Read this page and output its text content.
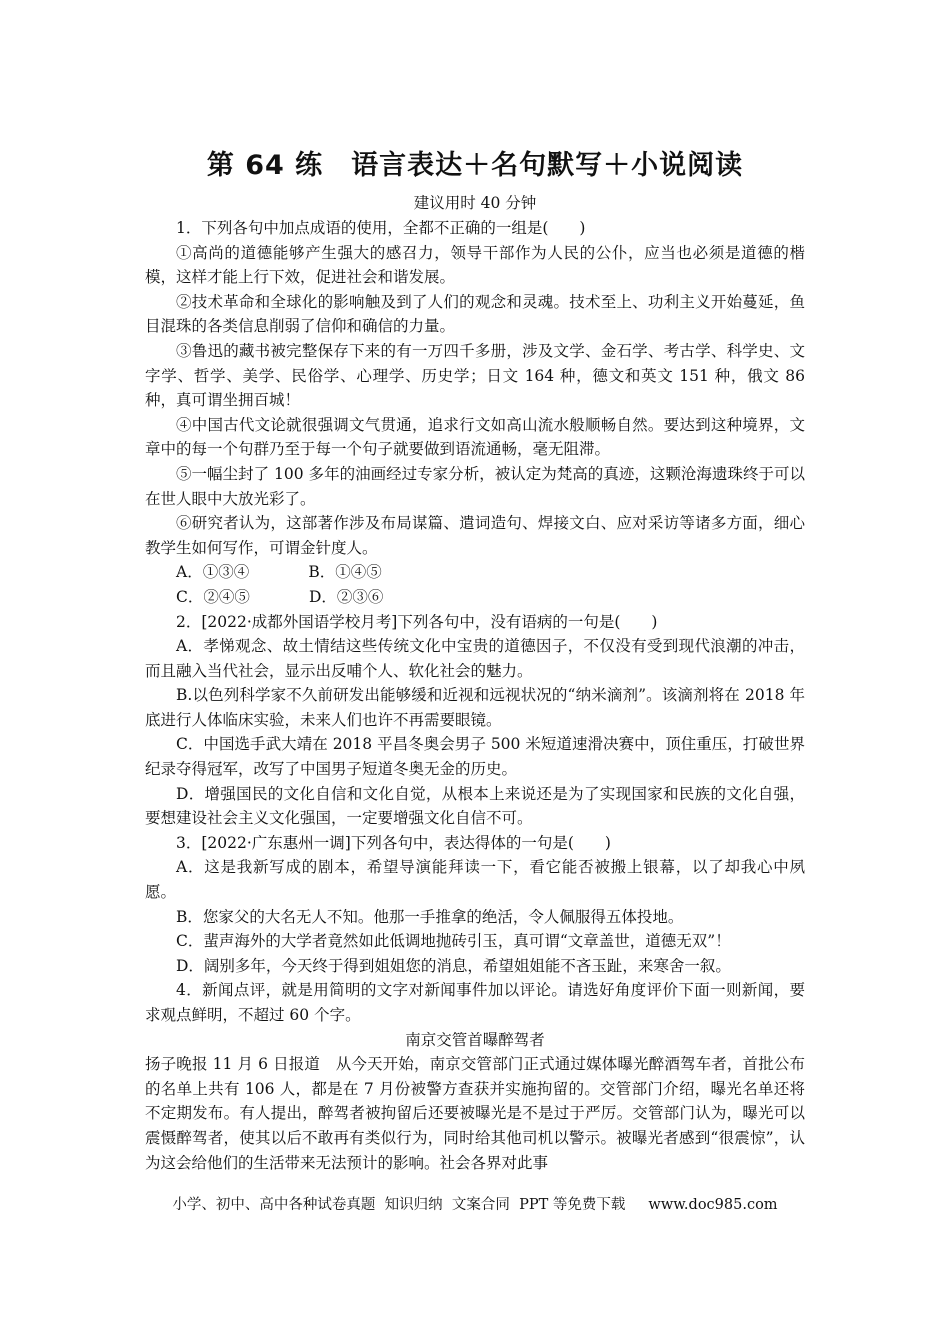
第 64 练　语言表达＋名句默写＋小说阅读
建议用时 40 分钟

1．下列各句中加点成语的使用，全都不正确的一组是(　　)

①高尚的道德能够产生强大的感召力，领导干部作为人民的公仆，应当也必须是道德的楷模，这样才能上行下效，促进社会和谐发展。

②技术革命和全球化的影响触及到了人们的观念和灵魂。技术至上、功利主义开始蔓延，鱼目混珠的各类信息削弱了信仰和确信的力量。

③鲁迅的藏书被完整保存下来的有一万四千多册，涉及文学、金石学、考古学、科学史、文字学、哲学、美学、民俗学、心理学、历史学；日文 164 种，德文和英文 151 种，俄文 86 种，真可谓坐拥百城！

④中国古代文论就很强调文气贯通，追求行文如高山流水般顺畅自然。要达到这种境界，文章中的每一个句群乃至于每一个句子就要做到语流通畅，毫无阻滞。

⑤一幅尘封了 100 多年的油画经过专家分析，被认定为梵高的真迹，这颗沧海遗珠终于可以在世人眼中大放光彩了。

⑥研究者认为，这部著作涉及布局谋篇、遣词造句、焊接文白、应对采访等诸多方面，细心教学生如何写作，可谓金针度人。

A．①③④	B．①④⑤

C．②④⑤	D．②③⑥

2．[2022·成都外国语学校月考]下列各句中，没有语病的一句是(　　)

A．孝悌观念、故土情结这些传统文化中宝贵的道德因子，不仅没有受到现代浪潮的冲击，而且融入当代社会，显示出反哺个人、软化社会的魅力。

B.以色列科学家不久前研发出能够缓和近视和远视状况的“纳米滴剂”。该滴剂将在 2018 年底进行人体临床实验，未来人们也许不再需要眼镜。

C．中国选手武大靖在 2018 平昌冬奥会男子 500 米短道速滑决赛中，顶住重压，打破世界纪录夺得冠军，改写了中国男子短道冬奥无金的历史。

D．增强国民的文化自信和文化自觉，从根本上来说还是为了实现国家和民族的文化自强，要想建设社会主义文化强国，一定要增强文化自信不可。

3．[2022·广东惠州一调]下列各句中，表达得体的一句是(　　)

A．这是我新写成的剧本，希望导演能拜读一下，看它能否被搬上银幕，以了却我心中夙愿。

B．您家父的大名无人不知。他那一手推拿的绝活，令人佩服得五体投地。

C．蜚声海外的大学者竟然如此低调地抛砖引玉，真可谓“文章盖世，道德无双”！

D．阔别多年，今天终于得到姐姐您的消息，希望姐姐能不吝玉趾，来寒舍一叙。

4．新闻点评，就是用简明的文字对新闻事件加以评论。请选好角度评价下面一则新闻，要求观点鲜明，不超过 60 个字。

南京交管首曝醉驾者

扬子晚报 11 月 6 日报道　从今天开始，南京交管部门正式通过媒体曝光醉酒驾车者，首批公布的名单上共有 106 人，都是在 7 月份被警方查获并实施拘留的。交管部门介绍，曝光名单还将不定期发布。有人提出，醉驾者被拘留后还要被曝光是不是过于严厉。交管部门认为，曝光可以震慑醉驾者，使其以后不敢再有类似行为，同时给其他司机以警示。被曝光者感到“很震惊”，认为这会给他们的生活带来无法预计的影响。社会各界对此事

小学、初中、高中各种试卷真题  知识归纳  文案合同  PPT 等免费下载     www.doc985.com
